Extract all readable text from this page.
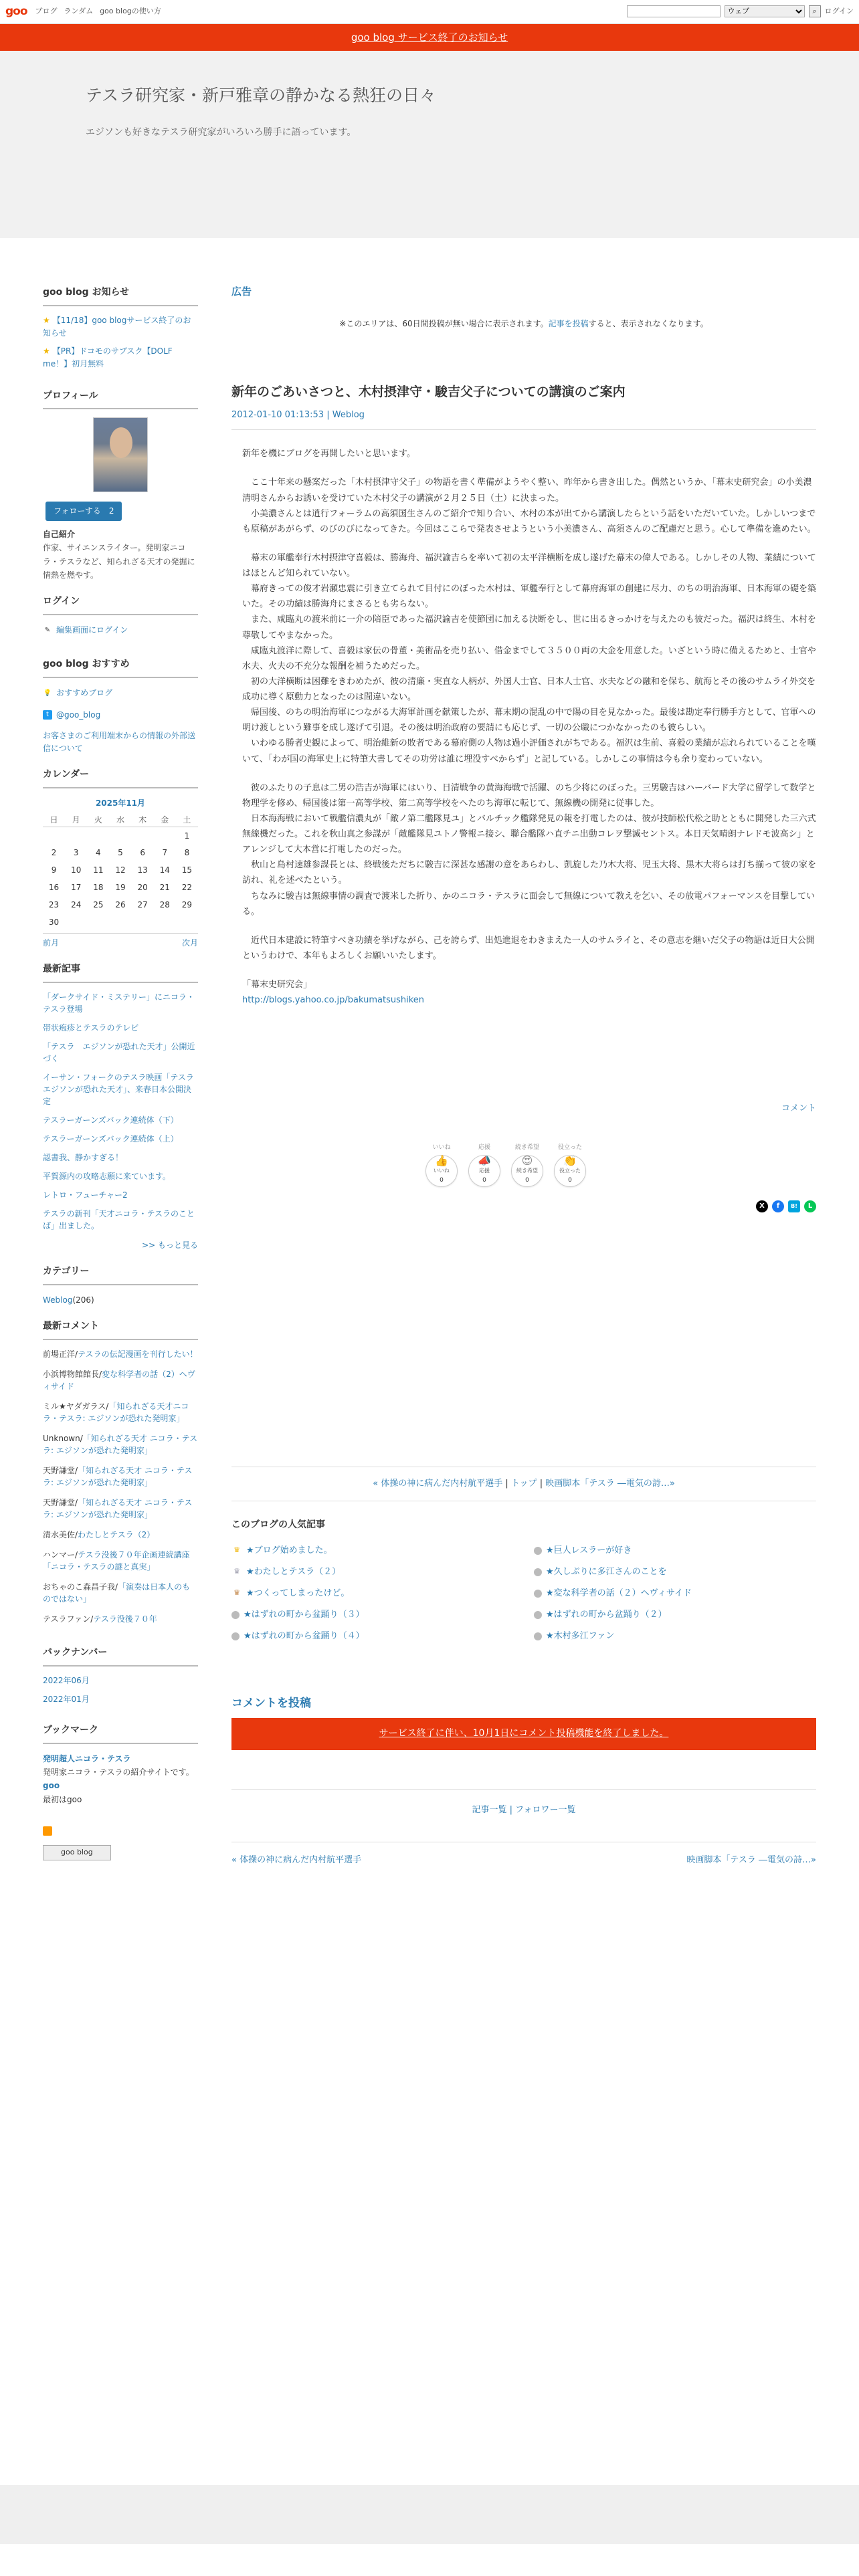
goo ブログ ランダム goo blogの使い方
ウェブ	⌕	ログイン
goo blog サービス終了のお知らせ
テスラ研究家・新戸雅章の静かなる熱狂の日々

エジソンも好きなテスラ研究家がいろいろ勝手に語っています。

goo blog お知らせ
★ 【11/18】goo blogサービス終了のお知らせ
★ 【PR】ドコモのサブスク【DOLF me！】初月無料
プロフィール
フォローする　 2
自己紹介
作家、サイエンスライター。発明家ニコラ・テスラなど、知られざる天才の発掘に情熱を燃やす。
ログイン
✎ 編集画面にログイン
goo blog おすすめ
💡 おすすめブログ
t @goo_blog
お客さまのご利用端末からの情報の外部送信について
カレンダー
2025年11月
日	月	火	水	木	金	土
						1
2	3	4	5	6	7	8
9	10	11	12	13	14	15
16	17	18	19	20	21	22
23	24	25	26	27	28	29
30						
前月	次月
最新記事
「ダークサイド・ミステリー」にニコラ・テスラ登場
帯状疱疹とテスラのテレビ
「テスラ　エジソンが恐れた天才」公開近づく
イーサン・フォークのテスラ映画「テスラ　エジソンが恐れた天才」、来春日本公開決定
テスラーガーンズバック連続体（下）
テスラーガーンズバック連続体（上）
認書我、静かすぎる！
平賀源内の攻略志願に来ています。
レトロ・フューチャー2
テスラの新刊「天才ニコラ・テスラのことば」出ました。
>> もっと見る
カテゴリー
Weblog(206)
最新コメント
前場正洋/テスラの伝記漫画を刊行したい！
小浜博物館館長/変な科学者の話（2）ヘヴィサイド
ミル★ヤダガラス/「知られざる天才ニコラ・テスラ: エジソンが恐れた発明家」
Unknown/「知られざる天才 ニコラ・テスラ: エジソンが恐れた発明家」
天野謙堂/「知られざる天才 ニコラ・テスラ: エジソンが恐れた発明家」
天野謙堂/「知られざる天才 ニコラ・テスラ: エジソンが恐れた発明家」
清水美佐/わたしとテスラ（2）
ハンマー/テスラ没後７０年企画連続講座「ニコラ・テスラの謎と真実」
おちゃのこ森昌子我/「演奏は日本人のものではない」
テスラファン/テスラ没後７０年
バックナンバー
2022年06月
2022年01月
ブックマーク
発明超人ニコラ・テスラ
発明家ニコラ・テスラの紹介サイトです。
goo
最初はgoo

goo blog
広告
※このエリアは、60日間投稿が無い場合に表示されます。記事を投稿すると、表示されなくなります。
新年のごあいさつと、木村摂津守・駿吉父子についての講演のご案内
2012-01-10 01:13:53 | Weblog

新年を機にブログを再開したいと思います。

　ここ十年来の懸案だった「木村摂津守父子」の物語を書く準備がようやく整い、昨年から書き出した。偶然というか、「幕末史研究会」の小美濃清明さんからお誘いを受けていた木村父子の講演が２月２５日（土）に決まった。
　小美濃さんとは逍行フォーラムの高須国生さんのご紹介で知り合い、木村の本が出てから講演したらという話をいただいていた。しかしいつまでも原稿があがらず、のびのびになってきた。今回はここらで発表させようという小美濃さん、高須さんのご配慮だと思う。心して準備を進めたい。

　幕末の軍艦奉行木村摂津守喜毅は、勝海舟、福沢諭吉らを率いて初の太平洋横断を成し遂げた幕末の偉人である。しかしその人物、業績についてはほとんど知られていない。
　幕府きっての俊才岩瀬忠震に引き立てられて目付にのぼった木村は、軍艦奉行として幕府海軍の創建に尽力、のちの明治海軍、日本海軍の礎を築いた。その功績は勝海舟にまさるとも劣らない。
　また、咸臨丸の渡米前に一介の陪臣であった福沢諭吉を使節団に加える決断をし、世に出るきっかけを与えたのも彼だった。福沢は終生、木村を尊敬してやまなかった。
　咸臨丸渡洋に際して、喜毅は家伝の骨董・美術品を売り払い、借金までして３５００両の大金を用意した。いざという時に備えるためと、士官や水夫、火夫の不充分な報酬を補うためだった。
　初の大洋横断は困難をきわめたが、彼の清廉・実直な人柄が、外国人士官、日本人士官、水夫などの融和を保ち、航海とその後のサムライ外交を成功に導く原動力となったのは間違いない。
　帰国後、のちの明治海軍につながる大海軍計画を献策したが、幕末期の混乱の中で陽の目を見なかった。最後は勘定奉行勝手方として、官軍への明け渡しという難事を成し遂げて引退。その後は明治政府の要請にも応じず、一切の公職につかなかったのも彼らしい。
　いわゆる勝者史観によって、明治維新の敗者である幕府側の人物は過小評価されがちである。福沢は生前、喜毅の業績が忘れられていることを嘆いて、「わが国の海軍史上に特筆大書してその功労は誰に埋没すべからず」と記している。しかしこの事情は今も余り変わっていない。

　彼のふたりの子息は二男の浩吉が海軍にはいり、日清戦争の黄海海戦で活躍、のち少将にのぼった。三男駿吉はハーバード大学に留学して数学と物理学を修め、帰国後は第一高等学校、第二高等学校をへたのち海軍に転じて、無線機の開発に従事した。
　日本海海戦において戦艦信濃丸が「敵ノ第二艦隊見ユ」とバルチック艦隊発見の報を打電したのは、彼が技師松代松之助とともに開発した三六式無線機だった。これを秋山真之参謀が「敵艦隊見ユトノ警報ニ接シ、聯合艦隊ハ直チニ出動コレヲ撃滅セントス。本日天気晴朗ナレドモ波高シ」とアレンジして大本営に打電したのだった。
　秋山と島村速雄参謀長とは、終戦後ただちに駿吉に深甚な感謝の意をあらわし、凱旋した乃木大将、児玉大将、黒木大将らは打ち揃って彼の家を訪れ、礼を述べたという。
　ちなみに駿吉は無線事情の調査で渡米した折り、かのニコラ・テスラに面会して無線について教えを乞い、その放電パフォーマンスを目撃している。

　近代日本建設に特筆すべき功績を挙げながら、己を誇らず、出処進退をわきまえた一人のサムライと、その意志を継いだ父子の物語は近日大公開というわけで、本年もよろしくお願いいたします。

「幕末史研究会」

http://blogs.yahoo.co.jp/bakumatsushiken

コメント
いいね
👍
いいね
0
応援
📣
応援
0
続き希望
😍
続き希望
0
役立った
👏
役立った
0
X	f	B!	L
« 体操の神に病んだ内村航平選手 | トップ | 映画脚本「テスラ ―電気の詩…»
このブログの人気記事
♛ ★ブログ始めました。	★巨人レスラーが好き
♛ ★わたしとテスラ（２）	★久しぶりに多江さんのことを
♛ ★つくってしまったけど。	★変な科学者の話（２）ヘヴィサイド
★はずれの町から盆踊り（３）	★はずれの町から盆踊り（２）
★はずれの町から盆踊り（４）	★木村多江ファン
コメントを投稿
サービス終了に伴い、10月1日にコメント投稿機能を終了しました。
記事一覧 | フォロワー一覧
« 体操の神に病んだ内村航平選手	映画脚本「テスラ ―電気の詩…»
